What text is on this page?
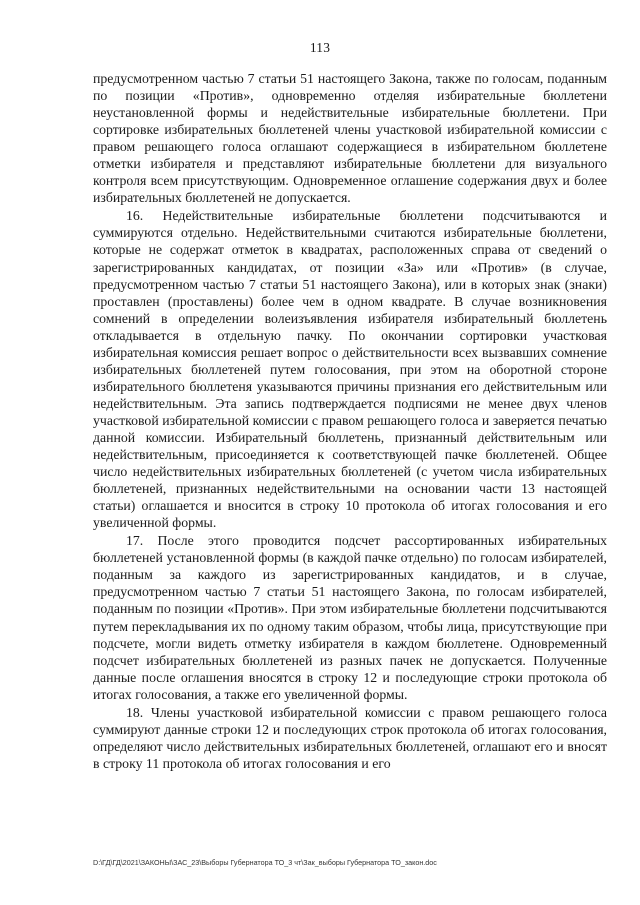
113

предусмотренном частью 7 статьи 51 настоящего Закона, также по голосам, поданным по позиции «Против», одновременно отделяя избирательные бюллетени неустановленной формы и недействительные избирательные бюллетени. При сортировке избирательных бюллетеней члены участковой избирательной комиссии с правом решающего голоса оглашают содержащиеся в избирательном бюллетене отметки избирателя и представляют избирательные бюллетени для визуального контроля всем присутствующим. Одновременное оглашение содержания двух и более избирательных бюллетеней не допускается.

16. Недействительные избирательные бюллетени подсчитываются и суммируются отдельно. Недействительными считаются избирательные бюллетени, которые не содержат отметок в квадратах, расположенных справа от сведений о зарегистрированных кандидатах, от позиции «За» или «Против» (в случае, предусмотренном частью 7 статьи 51 настоящего Закона), или в которых знак (знаки) проставлен (проставлены) более чем в одном квадрате. В случае возникновения сомнений в определении волеизъявления избирателя избирательный бюллетень откладывается в отдельную пачку. По окончании сортировки участковая избирательная комиссия решает вопрос о действительности всех вызвавших сомнение избирательных бюллетеней путем голосования, при этом на оборотной стороне избирательного бюллетеня указываются причины признания его действительным или недействительным. Эта запись подтверждается подписями не менее двух членов участковой избирательной комиссии с правом решающего голоса и заверяется печатью данной комиссии. Избирательный бюллетень, признанный действительным или недействительным, присоединяется к соответствующей пачке бюллетеней. Общее число недействительных избирательных бюллетеней (с учетом числа избирательных бюллетеней, признанных недействительными на основании части 13 настоящей статьи) оглашается и вносится в строку 10 протокола об итогах голосования и его увеличенной формы.

17. После этого проводится подсчет рассортированных избирательных бюллетеней установленной формы (в каждой пачке отдельно) по голосам избирателей, поданным за каждого из зарегистрированных кандидатов, и в случае, предусмотренном частью 7 статьи 51 настоящего Закона, по голосам избирателей, поданным по позиции «Против». При этом избирательные бюллетени подсчитываются путем перекладывания их по одному таким образом, чтобы лица, присутствующие при подсчете, могли видеть отметку избирателя в каждом бюллетене. Одновременный подсчет избирательных бюллетеней из разных пачек не допускается. Полученные данные после оглашения вносятся в строку 12 и последующие строки протокола об итогах голосования, а также его увеличенной формы.

18. Члены участковой избирательной комиссии с правом решающего голоса суммируют данные строки 12 и последующих строк протокола об итогах голосования, определяют число действительных избирательных бюллетеней, оглашают его и вносят в строку 11 протокола об итогах голосования и его

D:\ГД\ГД\2021\ЗАКОНЫ\ЗАС_23\Выборы Губернатора ТО_3 чт\Зак_выборы Губернатора ТО_закон.doc
